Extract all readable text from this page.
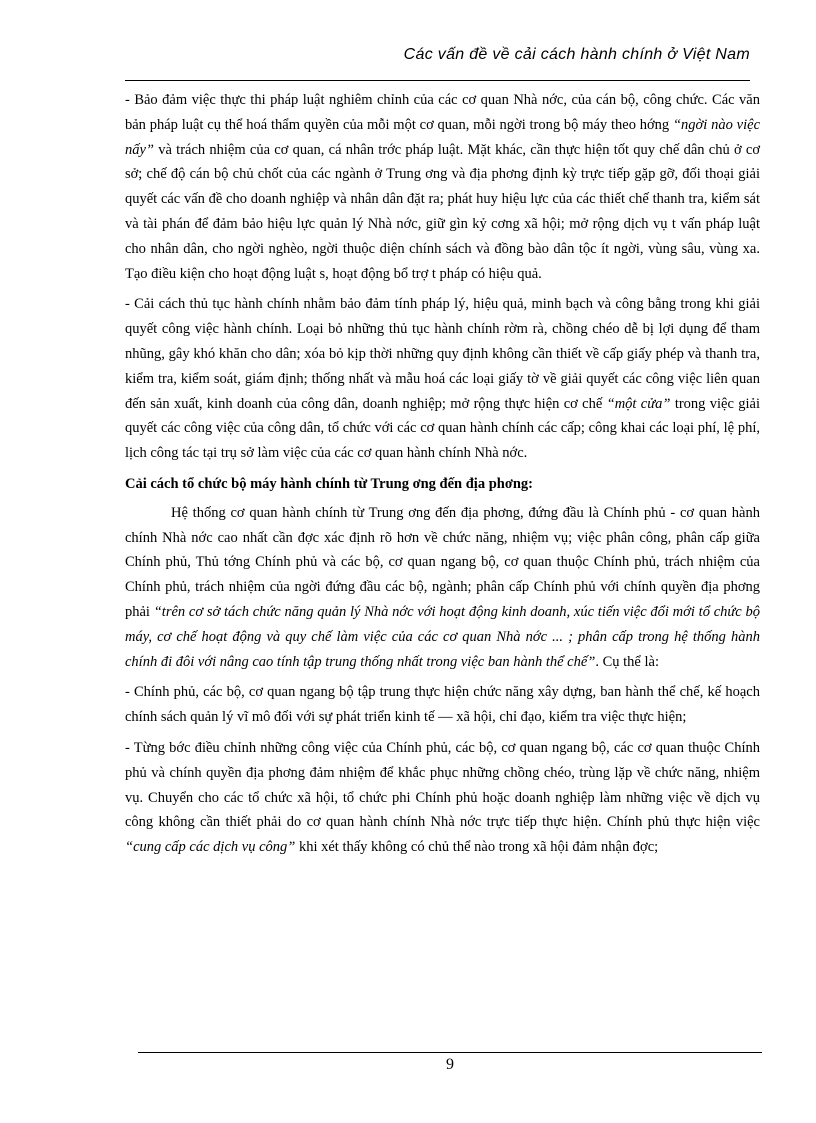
Các vấn đề về cải cách hành chính ở Việt Nam

- Bảo đảm việc thực thi pháp luật nghiêm chỉnh của các cơ quan Nhà nớc, của cán bộ, công chức. Các văn bản pháp luật cụ thể hoá thẩm quyền của mỗi một cơ quan, mỗi ngời trong bộ máy theo hớng “ngời nào việc nấy” và trách nhiệm của cơ quan, cá nhân trớc pháp luật. Mặt khác, cần thực hiện tốt quy chế dân chủ ở cơ sở; chế độ cán bộ chủ chốt của các ngành ở Trung ơng và địa phơng định kỳ trực tiếp gặp gỡ, đối thoại giải quyết các vấn đề cho doanh nghiệp và nhân dân đặt ra; phát huy hiệu lực của các thiết chế thanh tra, kiểm sát và tài phán để đảm bảo hiệu lực quản lý Nhà nớc, giữ gìn kỷ cơng xã hội; mở rộng dịch vụ t vấn pháp luật cho nhân dân, cho ngời nghèo, ngời thuộc diện chính sách và đồng bào dân tộc ít ngời, vùng sâu, vùng xa. Tạo điều kiện cho hoạt động luật s, hoạt động bổ trợ t pháp có hiệu quả.

- Cải cách thủ tục hành chính nhằm bảo đảm tính pháp lý, hiệu quả, minh bạch và công bằng trong khi giải quyết công việc hành chính. Loại bỏ những thủ tục hành chính rờm rà, chồng chéo dễ bị lợi dụng để tham nhũng, gây khó khăn cho dân; xóa bỏ kịp thời những quy định không cần thiết về cấp giấy phép và thanh tra, kiểm tra, kiểm soát, giám định; thống nhất và mẫu hoá các loại giấy tờ về giải quyết các công việc liên quan đến sản xuất, kinh doanh của công dân, doanh nghiệp; mở rộng thực hiện cơ chế “một cửa” trong việc giải quyết các công việc của công dân, tổ chức với các cơ quan hành chính các cấp; công khai các loại phí, lệ phí, lịch công tác tại trụ sở làm việc của các cơ quan hành chính Nhà nớc.

Cải cách tổ chức bộ máy hành chính từ Trung ơng đến địa phơng:

Hệ thống cơ quan hành chính từ Trung ơng đến địa phơng, đứng đầu là Chính phủ - cơ quan hành chính Nhà nớc cao nhất cần đợc xác định rõ hơn về chức năng, nhiệm vụ; việc phân công, phân cấp giữa Chính phủ, Thủ tớng Chính phủ và các bộ, cơ quan ngang bộ, cơ quan thuộc Chính phủ, trách nhiệm của Chính phủ, trách nhiệm của ngời đứng đầu các bộ, ngành; phân cấp Chính phủ với chính quyền địa phơng phải “trên cơ sở tách chức năng quản lý Nhà nớc với hoạt động kinh doanh, xúc tiến việc đổi mới tổ chức bộ máy, cơ chế hoạt động và quy chế làm việc của các cơ quan Nhà nớc ... ; phân cấp trong hệ thống hành chính đi đôi với nâng cao tính tập trung thống nhất trong việc ban hành thể chế”. Cụ thể là:

- Chính phủ, các bộ, cơ quan ngang bộ tập trung thực hiện chức năng xây dựng, ban hành thể chế, kế hoạch chính sách quản lý vĩ mô đối với sự phát triển kinh tế — xã hội, chỉ đạo, kiểm tra việc thực hiện;

- Từng bớc điều chỉnh những công việc của Chính phủ, các bộ, cơ quan ngang bộ, các cơ quan thuộc Chính phủ và chính quyền địa phơng đảm nhiệm để khắc phục những chồng chéo, trùng lặp về chức năng, nhiệm vụ. Chuyển cho các tổ chức xã hội, tổ chức phi Chính phủ hoặc doanh nghiệp làm những việc về dịch vụ công không cần thiết phải do cơ quan hành chính Nhà nớc trực tiếp thực hiện. Chính phủ thực hiện việc “cung cấp các dịch vụ công” khi xét thấy không có chủ thể nào trong xã hội đảm nhận đợc;

9
